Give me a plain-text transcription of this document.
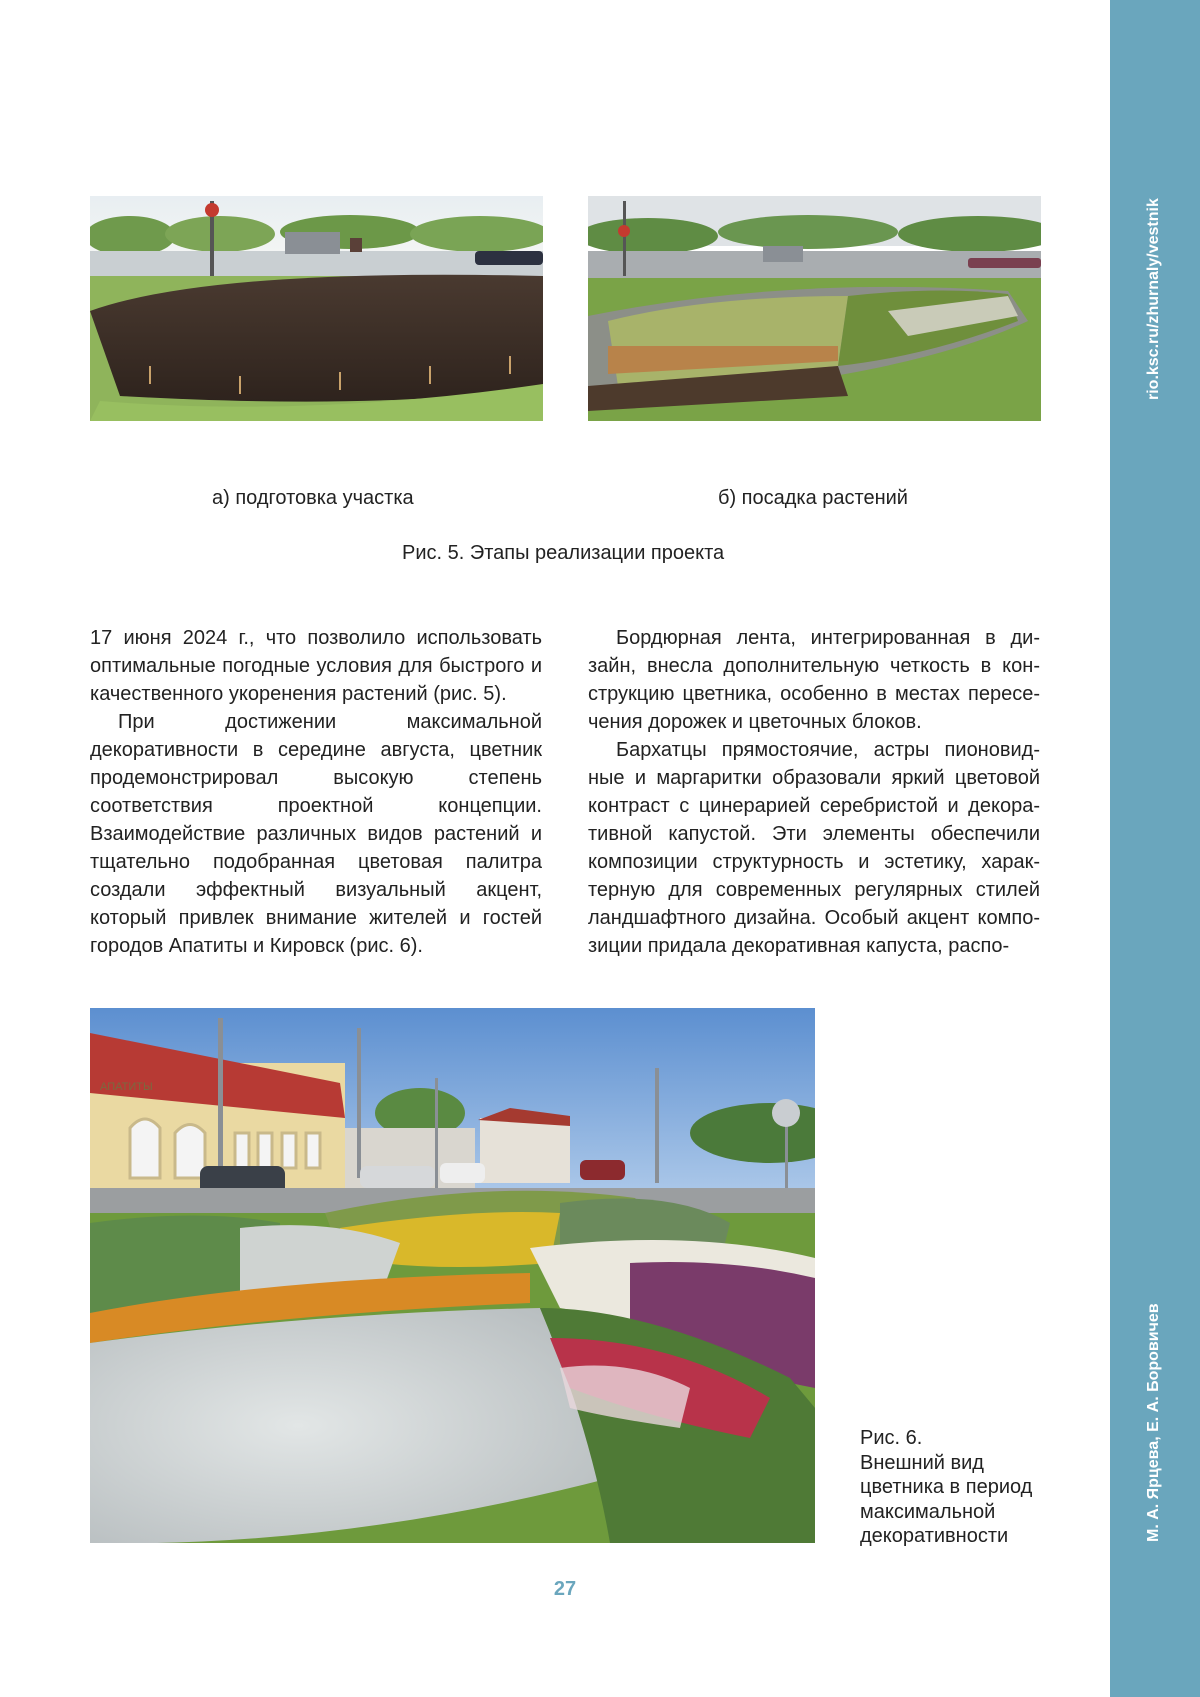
rio.ksc.ru/zhurnaly/vestnik
М. А. Ярцева, Е. А. Боровичев
а) подготовка участка	б) посадка растений
Рис. 5. Этапы реализации проекта

17 июня 2024 г., что позволило использовать оптимальные погодные условия для быстрого и качественного укоренения растений (рис. 5).

При достижении максимальной декоративности в середине августа, цветник продемонстрировал высокую степень соответствия проектной концепции. Взаимодействие различных видов растений и тщательно подобранная цветовая палитра создали эффектный визуальный акцент, который привлек внимание жителей и гостей городов Апатиты и Кировск (рис. 6).

Бордюрная лента, интегрированная в дизайн, внесла дополнительную четкость в конструкцию цветника, особенно в местах пересечения дорожек и цветочных блоков.

Бархатцы прямостоячие, астры пионовидные и маргаритки образовали яркий цветовой контраст с цинерарией серебристой и декоративной капустой. Эти элементы обеспечили композиции структурность и эстетику, характерную для современных регулярных стилей ландшафтного дизайна. Особый акцент композиции придала декоративная капуста, распо-

АПАТИТЫ
Рис. 6.
Внешний вид
цветника в период
максимальной
декоративности
27
